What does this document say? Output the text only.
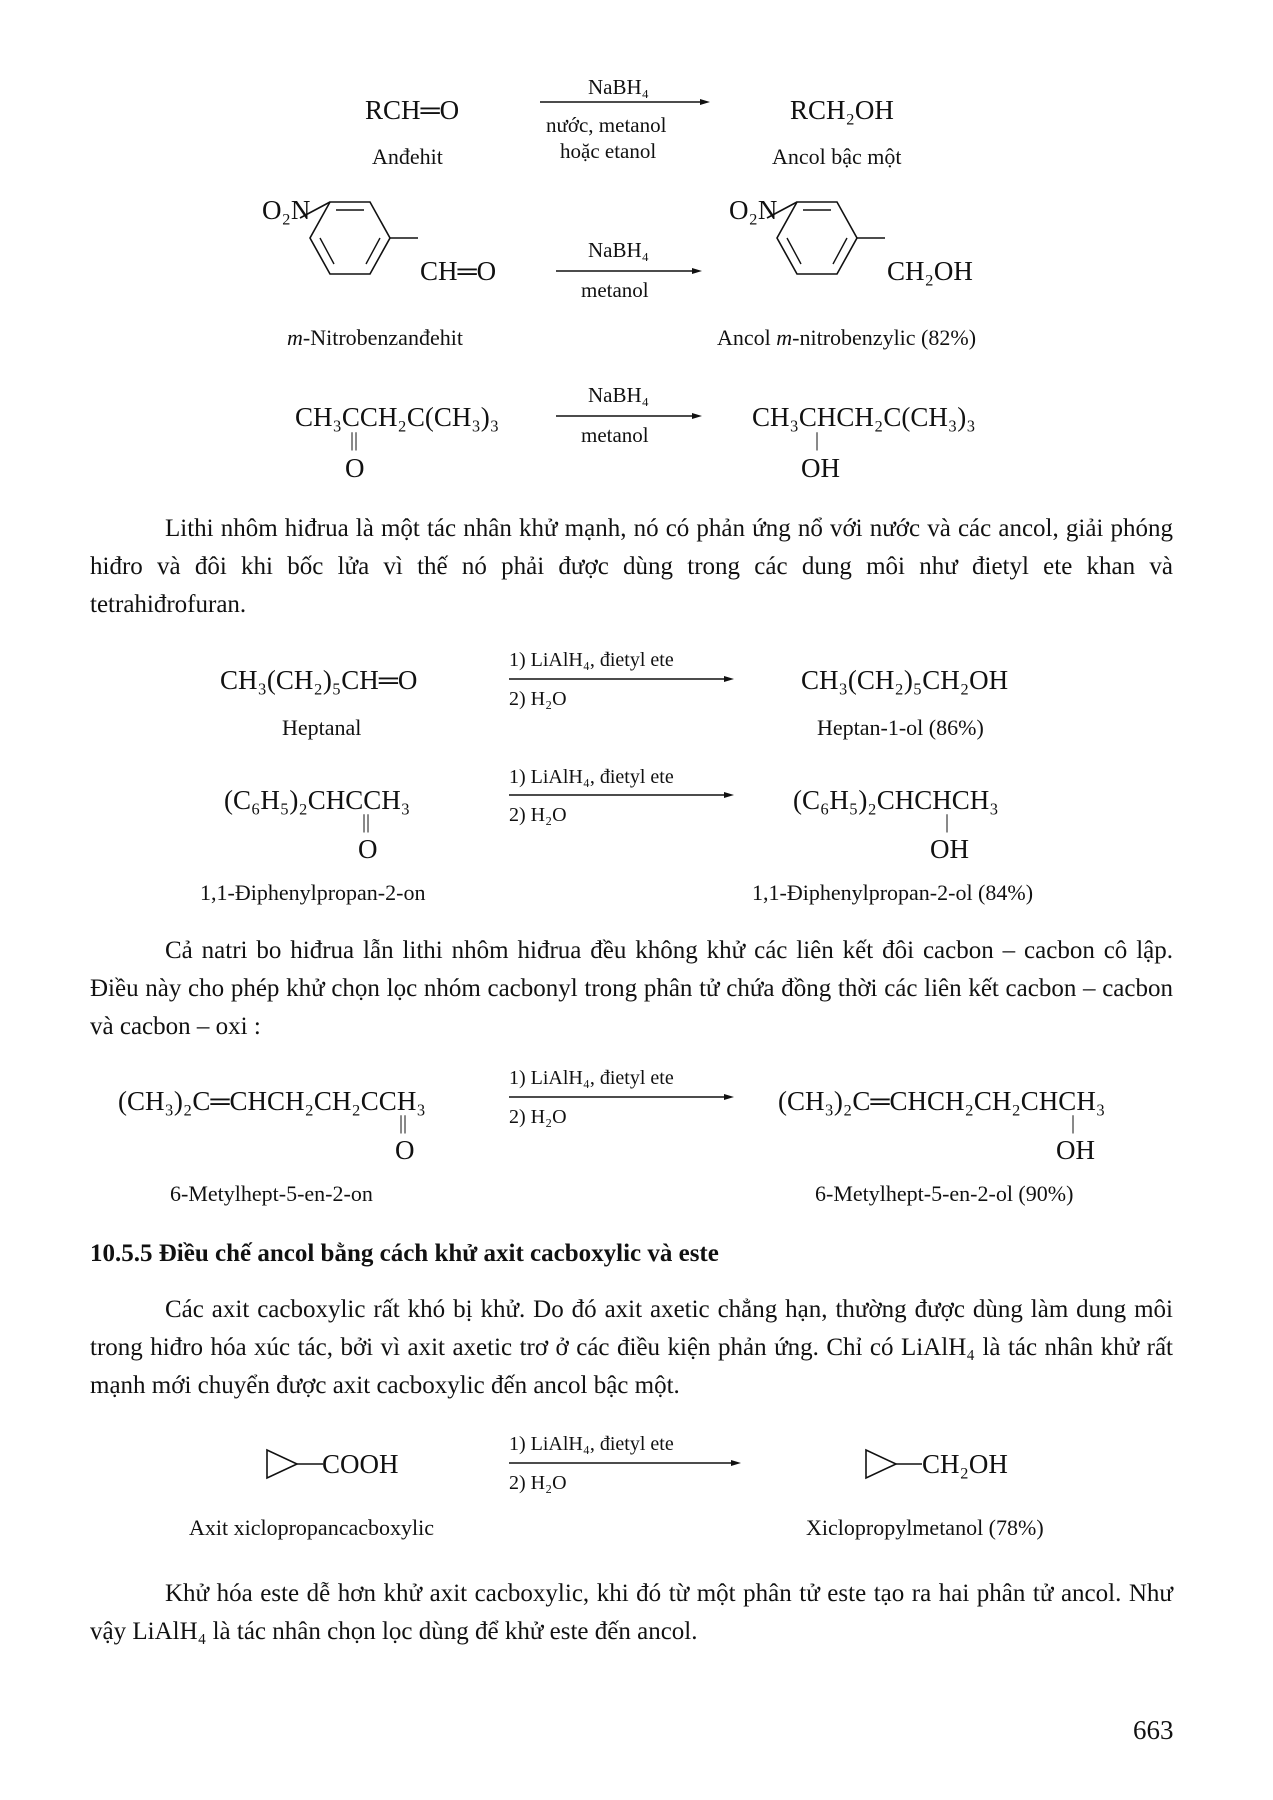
RCH═O
Anđehit
NaBH₄
nước, metanol
hoặc etanol
RCH₂OH
Ancol bậc một
O₂N
CH═O
m-Nitrobenzanđehit
NaBH₄
metanol
O₂N
CH₂OH
Ancol m-nitrobenzylic (82%)
CH₃CCH₂C(CH₃)₃
||
O
NaBH₄
metanol
CH₃CHCH₂C(CH₃)₃
|
OH
Lithi nhôm hiđrua là một tác nhân khử mạnh, nó có phản ứng nổ với nước và các ancol, giải phóng hiđro và đôi khi bốc lửa vì thế nó phải được dùng trong các dung môi như đietyl ete khan và tetrahiđrofuran.
CH₃(CH₂)₅CH═O
Heptanal
1) LiAlH₄, đietyl ete
2) H₂O
CH₃(CH₂)₅CH₂OH
Heptan-1-ol (86%)
(C₆H₅)₂CHCCH₃
||
O
1,1-Điphenylpropan-2-on
1) LiAlH₄, đietyl ete
2) H₂O	(C₆H₅)₂CHCHCH₃
|
OH
1,1-Điphenylpropan-2-ol (84%)
Cả natri bo hiđrua lẫn lithi nhôm hiđrua đều không khử các liên kết đôi cacbon – cacbon cô lập. Điều này cho phép khử chọn lọc nhóm cacbonyl trong phân tử chứa đồng thời các liên kết cacbon – cacbon và cacbon – oxi :
(CH₃)₂C═CHCH₂CH₂CCH₃
||
O
6-Metylhept-5-en-2-on
1) LiAlH₄, đietyl ete
2) H₂O
(CH₃)₂C═CHCH₂CH₂CHCH₃
|
OH
6-Metylhept-5-en-2-ol (90%)
10.5.5 Điều chế ancol bằng cách khử axit cacboxylic và este
Các axit cacboxylic rất khó bị khử. Do đó axit axetic chẳng hạn, thường được dùng làm dung môi trong hiđro hóa xúc tác, bởi vì axit axetic trơ ở các điều kiện phản ứng. Chỉ có LiAlH₄ là tác nhân khử rất mạnh mới chuyển được axit cacboxylic đến ancol bậc một.
COOH
Axit xiclopropancacboxylic
1) LiAlH₄, đietyl ete
2) H₂O
CH₂OH
Xiclopropylmetanol (78%)
Khử hóa este dễ hơn khử axit cacboxylic, khi đó từ một phân tử este tạo ra hai phân tử ancol. Như vậy LiAlH₄ là tác nhân chọn lọc dùng để khử este đến ancol.
663
